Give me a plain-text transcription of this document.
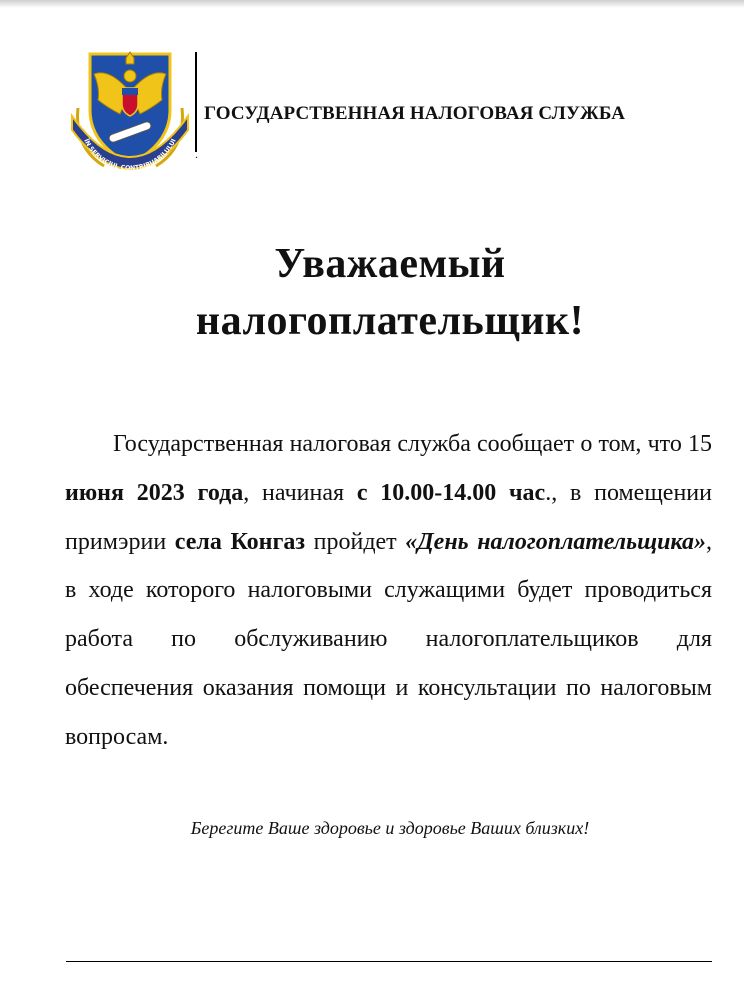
ÎN SERVICIUL CONTRIBUABILULUI
.
ГОСУДАРСТВЕННАЯ НАЛОГОВАЯ СЛУЖБА
Уважаемый
налогоплательщик!
Государственная налоговая служба сообщает о том, что 15 июня 2023 года, начиная с 10.00-14.00 час., в помещении примэрии села Конгаз пройдет «День налогоплательщика», в ходе которого налоговыми служащими будет проводиться работа по обслуживанию налогоплательщиков для обеспечения оказания помощи и консультации по налоговым вопросам.
Берегите Ваше здоровье и здоровье Ваших близких!
